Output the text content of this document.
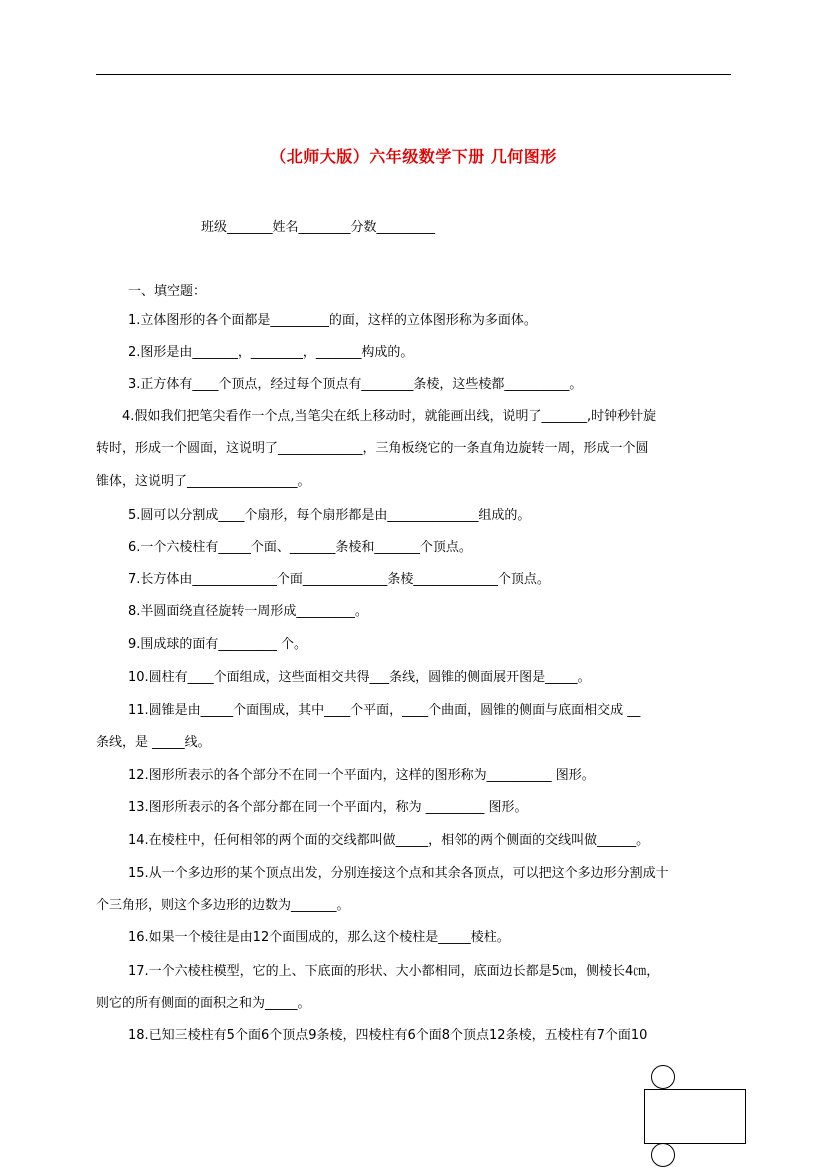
（北师大版）六年级数学下册 几何图形
班级_______姓名________分数_________
一、填空题：
1.立体图形的各个面都是_________的面，这样的立体图形称为多面体。
2.图形是由_______，________，_______构成的。
3.正方体有____个顶点，经过每个顶点有________条棱，这些棱都__________。
4.假如我们把笔尖看作一个点,当笔尖在纸上移动时，就能画出线，说明了_______,时钟秒针旋
转时，形成一个圆面，这说明了_____________，三角板绕它的一条直角边旋转一周，形成一个圆
锥体，这说明了_________________。
5.圆可以分割成____个扇形，每个扇形都是由______________组成的。
6.一个六棱柱有_____个面、_______条棱和_______个顶点。
7.长方体由_____________个面_____________条棱_____________个顶点。
8.半圆面绕直径旋转一周形成_________。
9.围成球的面有_________ 个。
10.圆柱有____个面组成，这些面相交共得___条线，圆锥的侧面展开图是_____。
11.圆锥是由_____个面围成，其中____个平面，____个曲面，圆锥的侧面与底面相交成 __
条线，是 _____线。
12.图形所表示的各个部分不在同一个平面内，这样的图形称为__________ 图形。
13.图形所表示的各个部分都在同一个平面内，称为 _________ 图形。
14.在棱柱中，任何相邻的两个面的交线都叫做_____，相邻的两个侧面的交线叫做______。
15.从一个多边形的某个顶点出发，分别连接这个点和其余各顶点，可以把这个多边形分割成十
个三角形，则这个多边形的边数为_______。
16.如果一个棱往是由12个面围成的，那么这个棱柱是_____棱柱。
17.一个六棱柱模型，它的上、下底面的形状、大小都相同，底面边长都是5㎝，侧棱长4㎝，
则它的所有侧面的面积之和为_____。
18.已知三棱柱有5个面6个顶点9条棱，四棱柱有6个面8个顶点12条棱，五棱柱有7个面10
